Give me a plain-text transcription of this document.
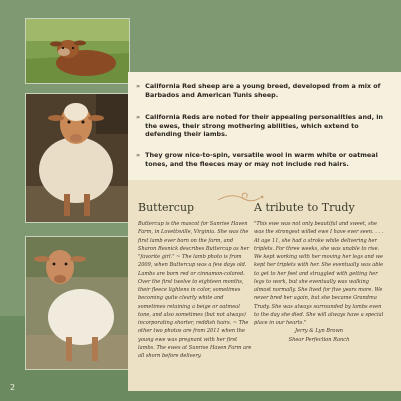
» California Red sheep are a young breed, developed from a mix of Barbados and American Tunis sheep.
» California Reds are noted for their appealing personalities and, in the ewes, their strong mothering abilities, which extend to defending their lambs.
» They grow nice-to-spin, versatile wool in warm white or oatmeal tones, and the fleeces may or may not include red hairs.
Buttercup

Buttercup is the mascot for Sunrise Haven Farm, in Lovettsville, Virginia. She was the first lamb ever born on the farm, and Sharon Resnick describes Buttercup as her "favorite girl." ~ The lamb photo is from 2009, when Buttercup was a few days old. Lambs are born red or cinnamon-colored. Over the first twelve to eighteen months, their fleece lightens in color, sometimes becoming quite clearly white and sometimes retaining a beige or oatmeal tone, and also sometimes (but not always) incorporating shorter, reddish hairs. ~ The other two photos are from 2011 when the young ewe was pregnant with her first lambs. The ewes at Sunrise Haven Farm are all shorn before delivery.

A tribute to Trudy

"This ewe was not only beautiful and sweet, she was the strongest willed ewe I have ever seen. . . . At age 11, she had a stroke while delivering her triplets. For three weeks, she was unable to rise. We kept working with her moving her legs and we kept her triplets with her. She eventually was able to get to her feet and struggled with getting her legs to work, but she eventually was walking almost normally. She lived for five years more. We never bred her again, but she became Grandma Trudy. She was always surrounded by lambs even to the day she died. She will always have a special place in our hearts."

Jerry & Lyn Brown
Shear Perfection Ranch
2
